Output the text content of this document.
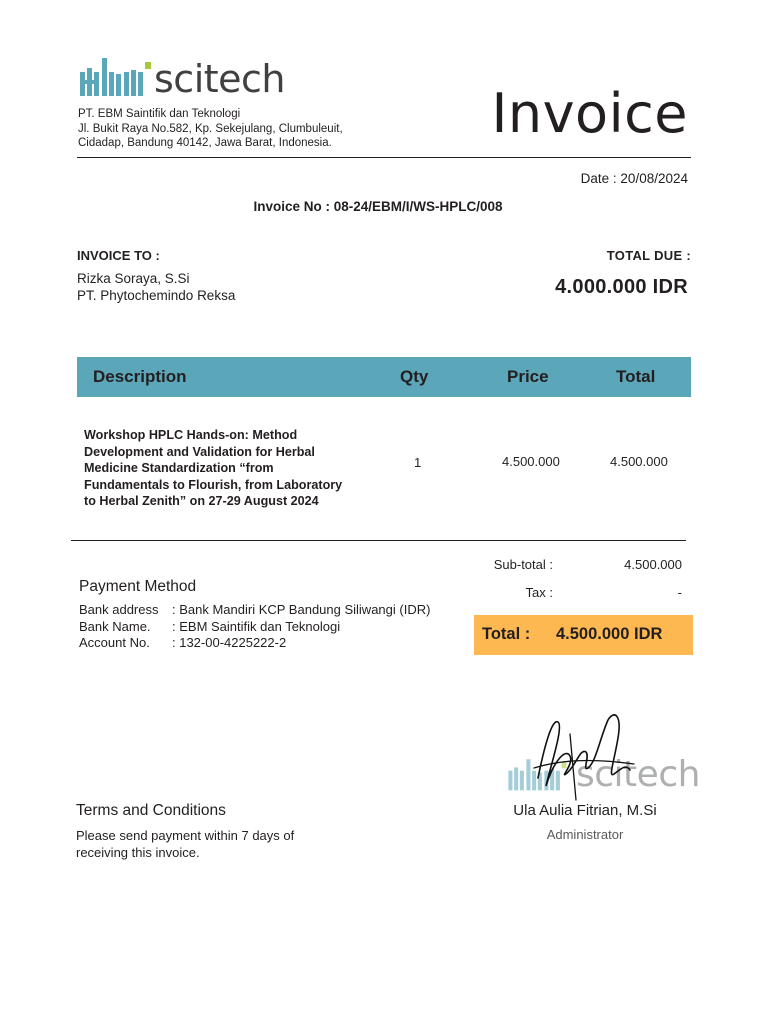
scitech
PT. EBM Saintifik dan Teknologi
Jl. Bukit Raya No.582, Kp. Sekejulang, Clumbuleuit,
Cidadap, Bandung 40142, Jawa Barat, Indonesia.	Invoice
Date : 20/08/2024
Invoice No : 08-24/EBM/I/WS-HPLC/008
INVOICE TO :
Rizka Soraya, S.Si
PT. Phytochemindo Reksa
TOTAL DUE :
4.000.000 IDR
Description	Qty	Price	Total
Workshop HPLC Hands-on: Method
Development and Validation for Herbal
Medicine Standardization “from
Fundamentals to Flourish, from Laboratory
to Herbal Zenith” on 27-29 August 2024
1	4.500.000	4.500.000
Sub-total :	4.500.000
Tax :	-
Total : 4.500.000 IDR
Payment Method
Bank address	: Bank Mandiri KCP Bandung Siliwangi (IDR)
Bank Name.	: EBM Saintifik dan Teknologi
Account No.	: 132-00-4225222-2
scitech
Ula Aulia Fitrian, M.Si
Administrator
Terms and Conditions
Please send payment within 7 days of
receiving this invoice.
